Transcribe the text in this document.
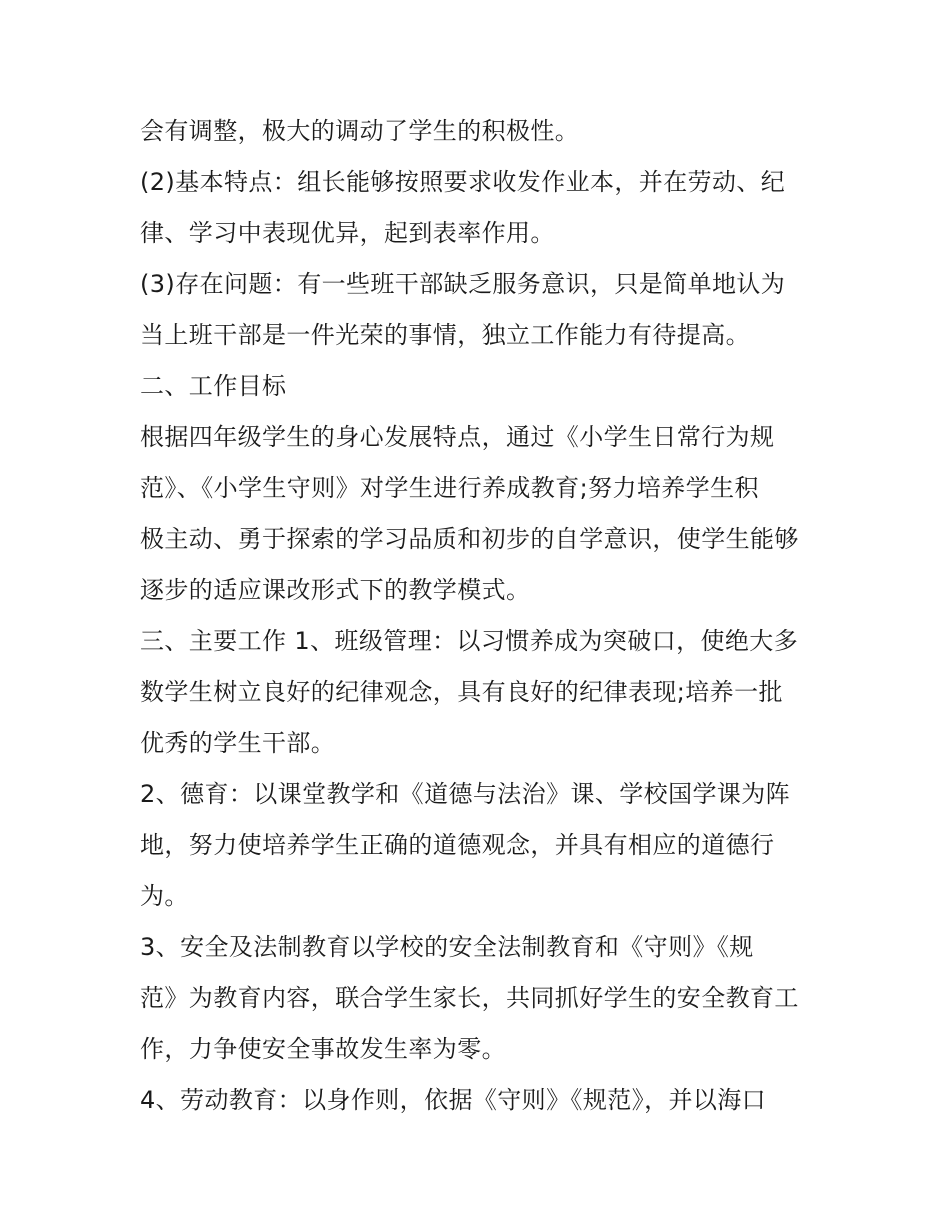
会有调整，极大的调动了学生的积极性。
(2)基本特点：组长能够按照要求收发作业本，并在劳动、纪
律、学习中表现优异，起到表率作用。
(3)存在问题：有一些班干部缺乏服务意识，只是简单地认为
当上班干部是一件光荣的事情，独立工作能力有待提高。
二、工作目标
根据四年级学生的身心发展特点，通过《小学生日常行为规
范》、《小学生守则》对学生进行养成教育;努力培养学生积
极主动、勇于探索的学习品质和初步的自学意识，使学生能够
逐步的适应课改形式下的教学模式。
三、主要工作 1、班级管理：以习惯养成为突破口，使绝大多
数学生树立良好的纪律观念，具有良好的纪律表现;培养一批
优秀的学生干部。
2、德育：以课堂教学和《道德与法治》课、学校国学课为阵
地，努力使培养学生正确的道德观念，并具有相应的道德行
为。
3、安全及法制教育以学校的安全法制教育和《守则》《规
范》为教育内容，联合学生家长，共同抓好学生的安全教育工
作，力争使安全事故发生率为零。
4、劳动教育：以身作则，依据《守则》《规范》，并以海口
